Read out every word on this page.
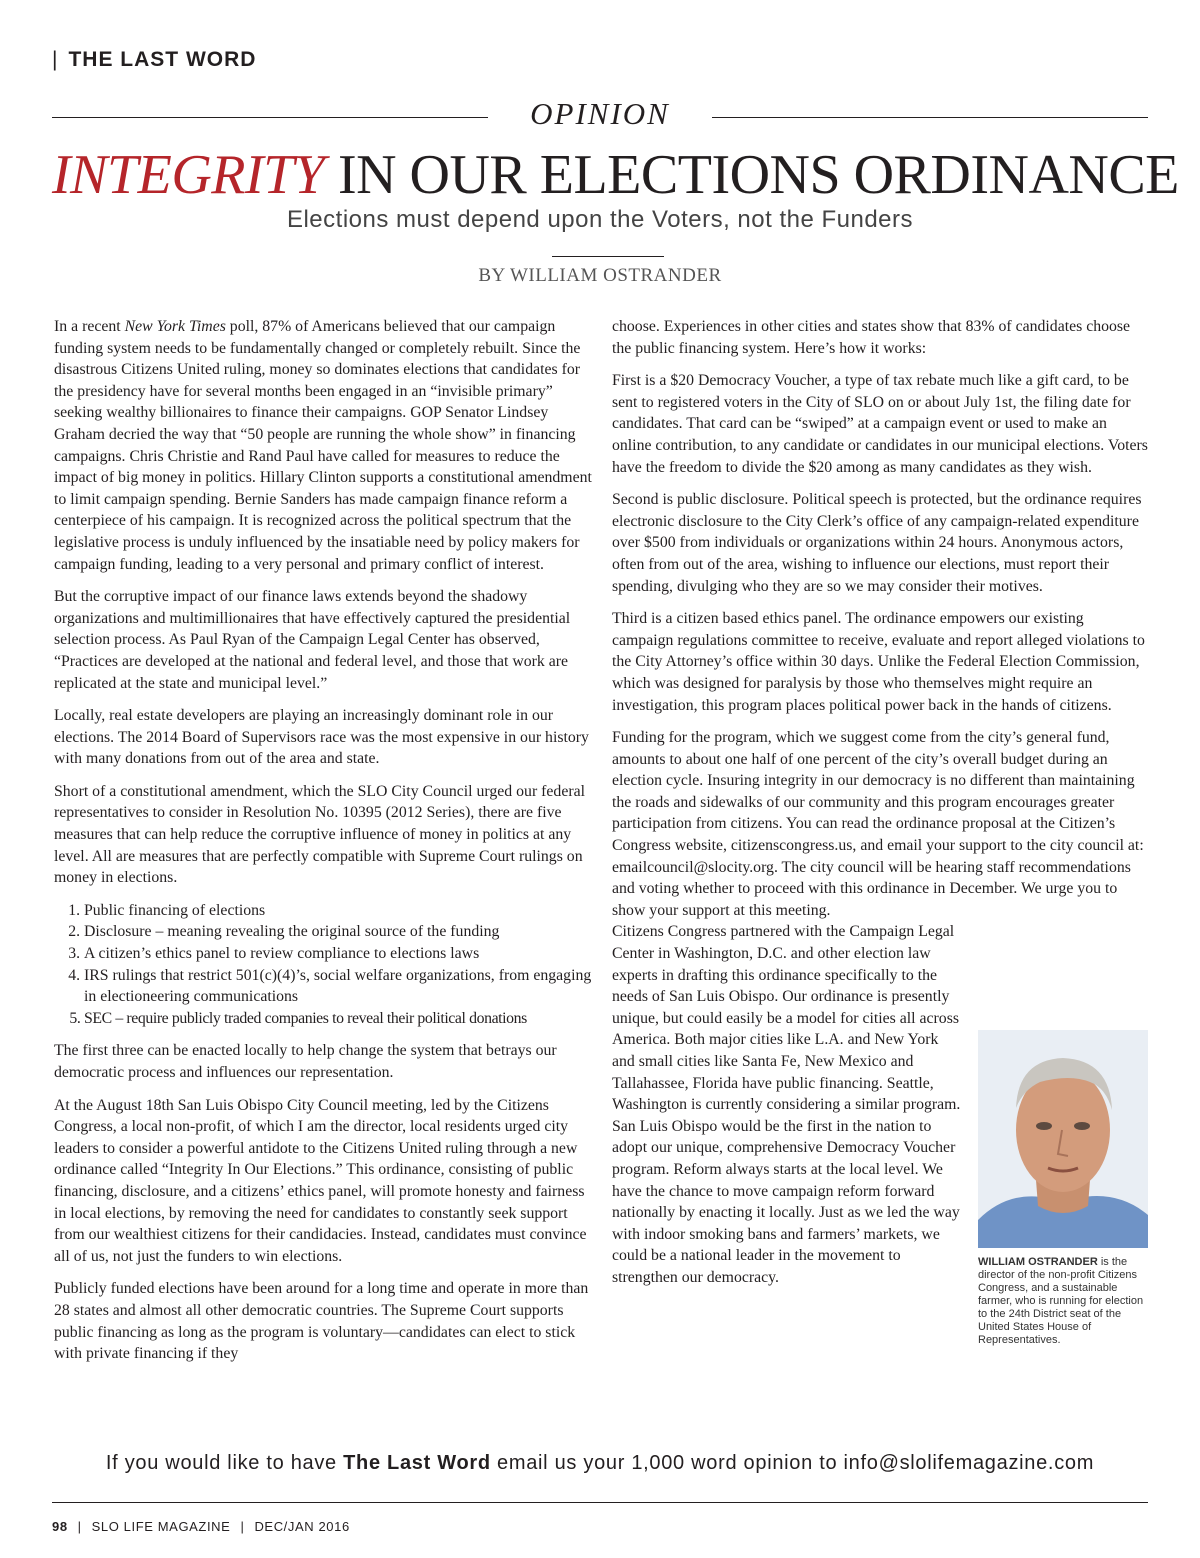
| THE LAST WORD
OPINION
INTEGRITY IN OUR ELECTIONS ORDINANCE
Elections must depend upon the Voters, not the Funders
BY WILLIAM OSTRANDER

In a recent New York Times poll, 87% of Americans believed that our campaign funding system needs to be fundamentally changed or completely rebuilt. Since the disastrous Citizens United ruling, money so dominates elections that candidates for the presidency have for several months been engaged in an “invisible primary” seeking wealthy billionaires to finance their campaigns. GOP Senator Lindsey Graham decried the way that “50 people are running the whole show” in financing campaigns. Chris Christie and Rand Paul have called for measures to reduce the impact of big money in politics. Hillary Clinton supports a constitutional amendment to limit campaign spending. Bernie Sanders has made campaign finance reform a centerpiece of his campaign. It is recognized across the political spectrum that the legislative process is unduly influenced by the insatiable need by policy makers for campaign funding, leading to a very personal and primary conflict of interest.

But the corruptive impact of our finance laws extends beyond the shadowy organizations and multimillionaires that have effectively captured the presidential selection process. As Paul Ryan of the Campaign Legal Center has observed, “Practices are developed at the national and federal level, and those that work are replicated at the state and municipal level.”

Locally, real estate developers are playing an increasingly dominant role in our elections. The 2014 Board of Supervisors race was the most expensive in our history with many donations from out of the area and state.

Short of a constitutional amendment, which the SLO City Council urged our federal representatives to consider in Resolution No. 10395 (2012 Series), there are five measures that can help reduce the corruptive influence of money in politics at any level. All are measures that are perfectly compatible with Supreme Court rulings on money in elections.

1. Public financing of elections
2. Disclosure – meaning revealing the original source of the funding
3. A citizen’s ethics panel to review compliance to elections laws
4. IRS rulings that restrict 501(c)(4)’s, social welfare organizations, from engaging in electioneering communications
5. SEC – require publicly traded companies to reveal their political donations

The first three can be enacted locally to help change the system that betrays our democratic process and influences our representation.

At the August 18th San Luis Obispo City Council meeting, led by the Citizens Congress, a local non-profit, of which I am the director, local residents urged city leaders to consider a powerful antidote to the Citizens United ruling through a new ordinance called “Integrity In Our Elections.” This ordinance, consisting of public financing, disclosure, and a citizens’ ethics panel, will promote honesty and fairness in local elections, by removing the need for candidates to constantly seek support from our wealthiest citizens for their candidacies. Instead, candidates must convince all of us, not just the funders to win elections.

Publicly funded elections have been around for a long time and operate in more than 28 states and almost all other democratic countries. The Supreme Court supports public financing as long as the program is voluntary—candidates can elect to stick with private financing if they

choose. Experiences in other cities and states show that 83% of candidates choose the public financing system. Here’s how it works:

First is a $20 Democracy Voucher, a type of tax rebate much like a gift card, to be sent to registered voters in the City of SLO on or about July 1st, the filing date for candidates. That card can be “swiped” at a campaign event or used to make an online contribution, to any candidate or candidates in our municipal elections. Voters have the freedom to divide the $20 among as many candidates as they wish.

Second is public disclosure. Political speech is protected, but the ordinance requires electronic disclosure to the City Clerk’s office of any campaign-related expenditure over $500 from individuals or organizations within 24 hours. Anonymous actors, often from out of the area, wishing to influence our elections, must report their spending, divulging who they are so we may consider their motives.

Third is a citizen based ethics panel. The ordinance empowers our existing campaign regulations committee to receive, evaluate and report alleged violations to the City Attorney’s office within 30 days. Unlike the Federal Election Commission, which was designed for paralysis by those who themselves might require an investigation, this program places political power back in the hands of citizens.

Funding for the program, which we suggest come from the city’s general fund, amounts to about one half of one percent of the city’s overall budget during an election cycle. Insuring integrity in our democracy is no different than maintaining the roads and sidewalks of our community and this program encourages greater participation from citizens. You can read the ordinance proposal at the Citizen’s Congress website, citizenscongress.us, and email your support to the city council at: emailcouncil@slocity.org. The city council will be hearing staff recommendations and voting whether to proceed with this ordinance in December. We urge you to show your support at this meeting.

Citizens Congress partnered with the Campaign Legal Center in Washington, D.C. and other election law experts in drafting this ordinance specifically to the needs of San Luis Obispo. Our ordinance is presently unique, but could easily be a model for cities all across America. Both major cities like L.A. and New York and small cities like Santa Fe, New Mexico and Tallahassee, Florida have public financing. Seattle, Washington is currently considering a similar program. San Luis Obispo would be the first in the nation to adopt our unique, comprehensive Democracy Voucher program. Reform always starts at the local level. We have the chance to move campaign reform forward nationally by enacting it locally. Just as we led the way with indoor smoking bans and farmers’ markets, we could be a national leader in the movement to strengthen our democracy.

WILLIAM OSTRANDER is the director of the non-profit Citizens Congress, and a sustainable farmer, who is running for election to the 24th District seat of the United States House of Representatives.
If you would like to have The Last Word email us your 1,000 word opinion to info@slolifemagazine.com
98 | SLO LIFE MAGAZINE | DEC/JAN 2016
